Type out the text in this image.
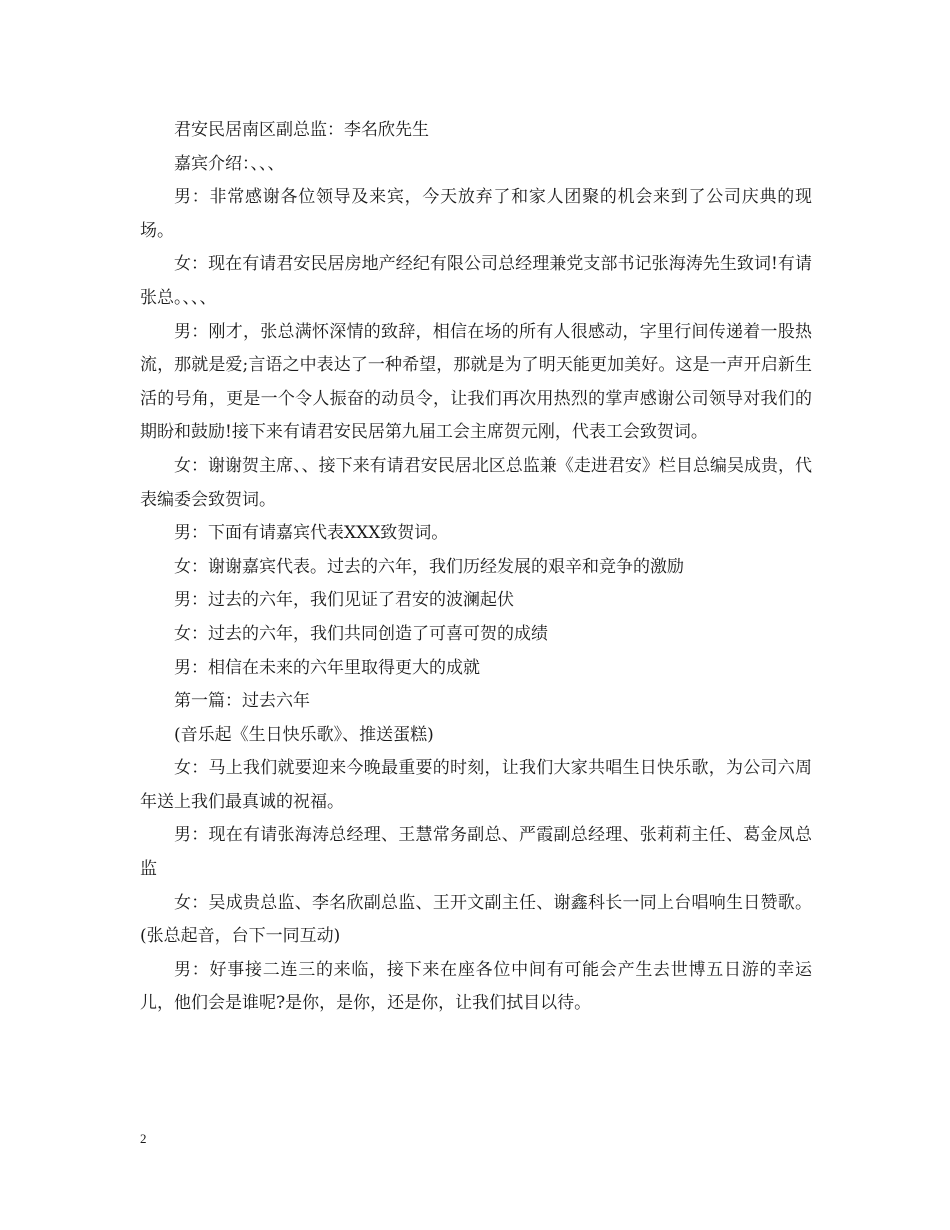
君安民居南区副总监：李名欣先生

嘉宾介绍：、、、

男：非常感谢各位领导及来宾，今天放弃了和家人团聚的机会来到了公司庆典的现场。

女：现在有请君安民居房地产经纪有限公司总经理兼党支部书记张海涛先生致词!有请张总。、、、

男：刚才，张总满怀深情的致辞，相信在场的所有人很感动，字里行间传递着一股热流，那就是爱;言语之中表达了一种希望，那就是为了明天能更加美好。这是一声开启新生活的号角，更是一个令人振奋的动员令，让我们再次用热烈的掌声感谢公司领导对我们的期盼和鼓励!接下来有请君安民居第九届工会主席贺元刚，代表工会致贺词。

女：谢谢贺主席、、接下来有请君安民居北区总监兼《走进君安》栏目总编吴成贵，代表编委会致贺词。

男：下面有请嘉宾代表XXX致贺词。

女：谢谢嘉宾代表。过去的六年，我们历经发展的艰辛和竞争的激励

男：过去的六年，我们见证了君安的波澜起伏

女：过去的六年，我们共同创造了可喜可贺的成绩

男：相信在未来的六年里取得更大的成就

第一篇：过去六年

(音乐起《生日快乐歌》、推送蛋糕)

女：马上我们就要迎来今晚最重要的时刻，让我们大家共唱生日快乐歌，为公司六周年送上我们最真诚的祝福。

男：现在有请张海涛总经理、王慧常务副总、严霞副总经理、张莉莉主任、葛金凤总监

女：吴成贵总监、李名欣副总监、王开文副主任、谢鑫科长一同上台唱响生日赞歌。(张总起音，台下一同互动)

男：好事接二连三的来临，接下来在座各位中间有可能会产生去世博五日游的幸运儿，他们会是谁呢?是你，是你，还是你，让我们拭目以待。

2
